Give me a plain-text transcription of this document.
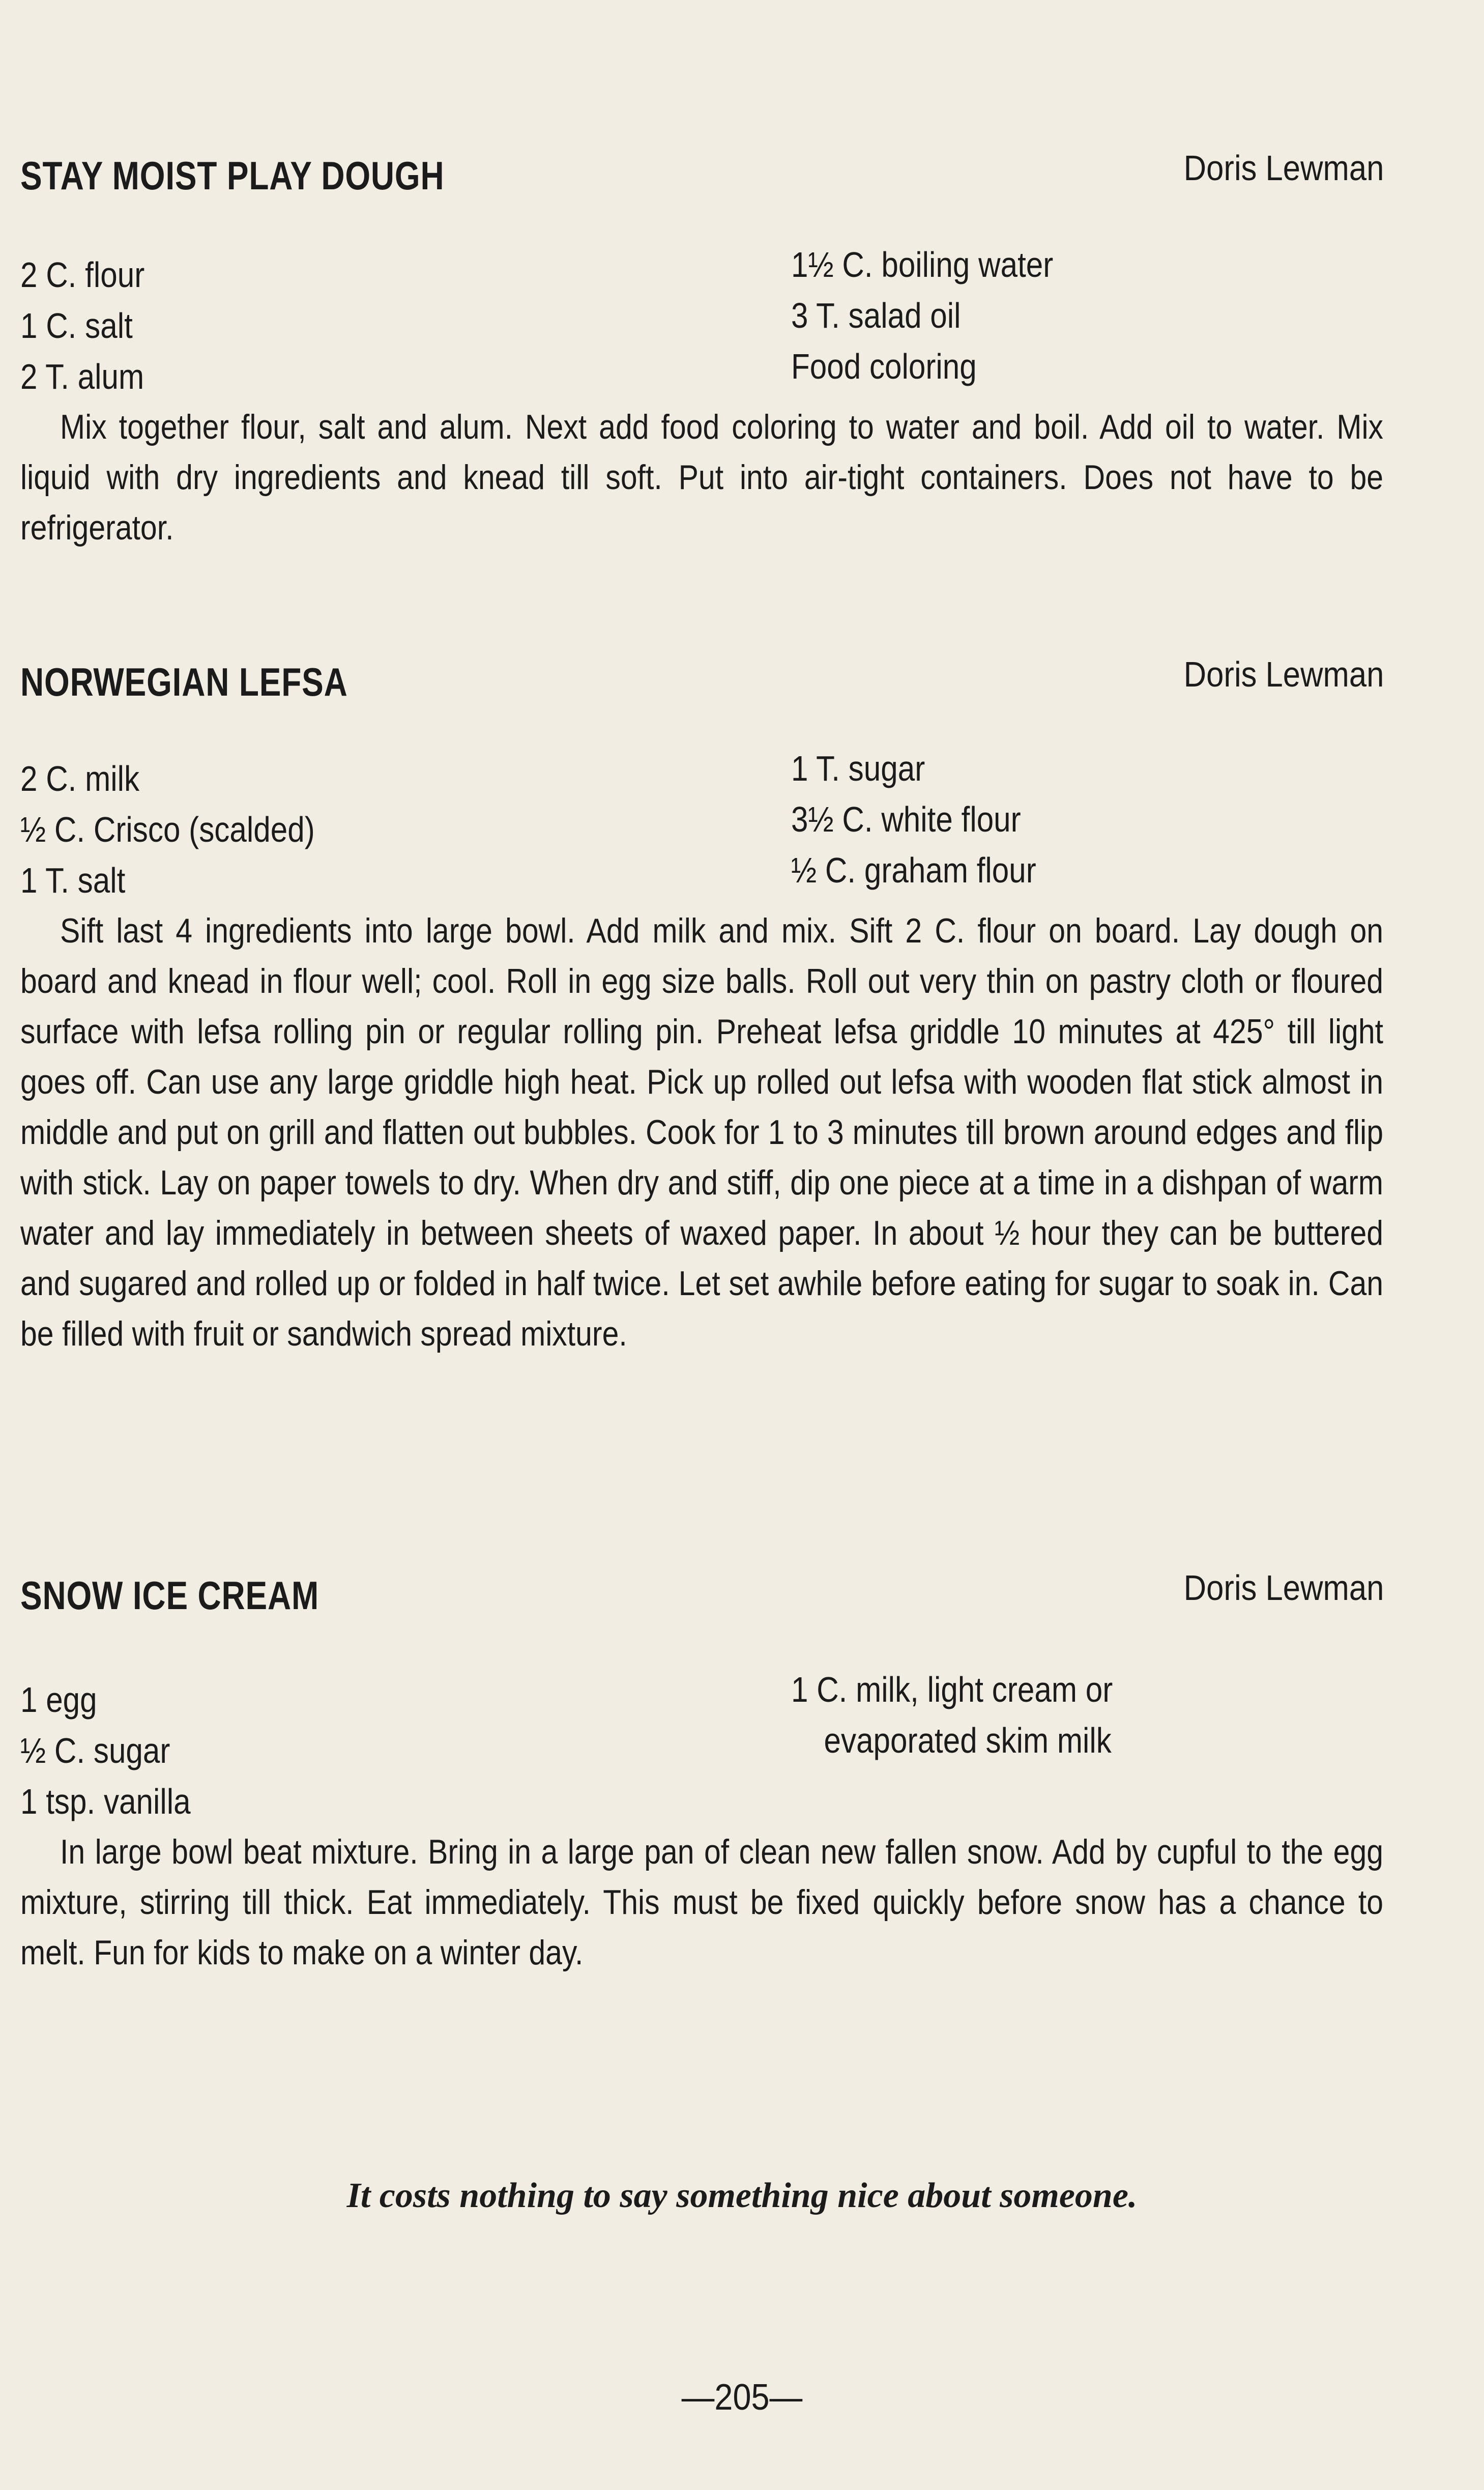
STAY MOIST PLAY DOUGH	Doris Lewman
2 C. flour
1 C. salt
2 T. alum
1½ C. boiling water
3 T. salad oil
Food coloring

Mix together flour, salt and alum. Next add food coloring to water and boil. Add oil to water. Mix liquid with dry ingredients and knead till soft. Put into air-tight containers. Does not have to be refrigerator.

NORWEGIAN LEFSA	Doris Lewman
2 C. milk
½ C. Crisco (scalded)
1 T. salt
1 T. sugar
3½ C. white flour
½ C. graham flour

Sift last 4 ingredients into large bowl. Add milk and mix. Sift 2 C. flour on board. Lay dough on board and knead in flour well; cool. Roll in egg size balls. Roll out very thin on pastry cloth or floured surface with lefsa rolling pin or regular rolling pin. Preheat lefsa griddle 10 minutes at 425° till light goes off. Can use any large griddle high heat. Pick up rolled out lefsa with wooden flat stick almost in middle and put on grill and flatten out bubbles. Cook for 1 to 3 minutes till brown around edges and flip with stick. Lay on paper towels to dry. When dry and stiff, dip one piece at a time in a dishpan of warm water and lay immediately in between sheets of waxed paper. In about ½ hour they can be buttered and sugared and rolled up or folded in half twice. Let set awhile before eating for sugar to soak in. Can be filled with fruit or sandwich spread mixture.

SNOW ICE CREAM	Doris Lewman
1 egg
½ C. sugar
1 tsp. vanilla
1 C. milk, light cream or
evaporated skim milk

In large bowl beat mixture. Bring in a large pan of clean new fallen snow. Add by cupful to the egg mixture, stirring till thick. Eat immediately. This must be fixed quickly before snow has a chance to melt. Fun for kids to make on a winter day.

It costs nothing to say something nice about someone.
—205—
